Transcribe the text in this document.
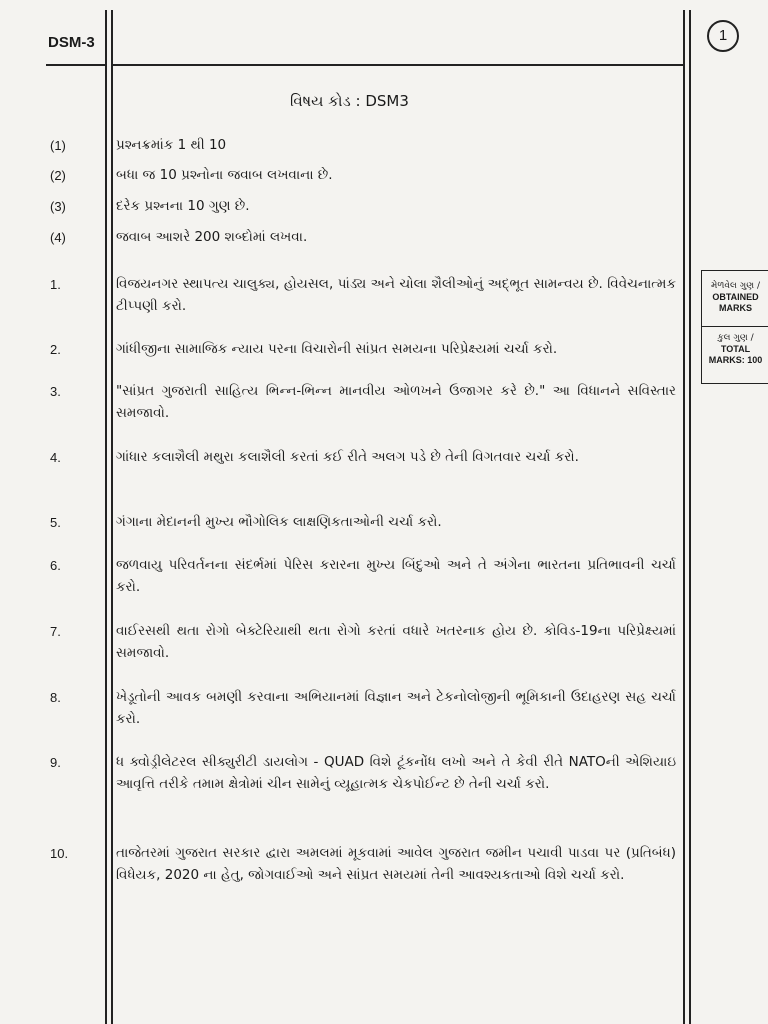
DSM-3	1
વિષય કોડ : DSM3
(1)	પ્રશ્નક્રમાંક 1 થી 10
(2)	બધા જ 10 પ્રશ્નોના જવાબ લખવાના છે.
(3)	દરેક પ્રશ્નના 10 ગુણ છે.
(4)	જવાબ આશરે 200 શબ્દોમાં લખવા.
1.	વિજયનગર સ્થાપત્ય ચાલુક્ય, હોયસલ, પાંડ્ય અને ચોલા શૈલીઓનું અદ્ભૂત સામન્વય છે. વિવેચનાત્મક ટીપ્પણી કરો.
2.	ગાંધીજીના સામાજિક ન્યાય પરના વિચારોની સાંપ્રત સમયના પરિપ્રેક્ષ્યમાં ચર્ચા કરો.
3.	"સાંપ્રત ગુજરાતી સાહિત્ય ભિન્ન-ભિન્ન માનવીય ઓળખને ઉજાગર કરે છે." આ વિધાનને સવિસ્તાર સમજાવો.
4.	ગાંધાર કલાશૈલી મથુરા કલાશૈલી કરતાં કઈ રીતે અલગ પડે છે તેની વિગતવાર ચર્ચા કરો.
5.	ગંગાના મેદાનની મુખ્ય ભૌગોલિક લાક્ષણિકતાઓની ચર્ચા કરો.
6.	જળવાયુ પરિવર્તનના સંદર્ભમાં પેરિસ કરારના મુખ્ય બિંદુઓ અને તે અંગેના ભારતના પ્રતિભાવની ચર્ચા કરો.
7.	વાઈરસથી થતા રોગો બેક્ટેરિયાથી થતા રોગો કરતાં વધારે ખતરનાક હોય છે. કોવિડ-19ના પરિપ્રેક્ષ્યમાં સમજાવો.
8.	ખેડૂતોની આવક બમણી કરવાના અભિયાનમાં વિજ્ઞાન અને ટેકનોલોજીની ભૂમિકાની ઉદાહરણ સહ ચર્ચા કરો.
9.	ધ ક્વોડ્રીલેટરલ સીક્યુરીટી ડાયલોગ - QUAD વિશે ટૂંકનોંધ લખો અને તે કેવી રીતે NATOની એશિયાઇ આવૃત્તિ તરીકે તમામ ક્ષેત્રોમાં ચીન સામેનું વ્યૂહાત્મક ચેકપોઈન્ટ છે તેની ચર્ચા કરો.
10.	તાજેતરમાં ગુજરાત સરકાર દ્વારા અમલમાં મૂકવામાં આવેલ ગુજરાત જમીન પચાવી પાડવા પર (પ્રતિબંધ) વિધેયક, 2020 ના હેતુ, જોગવાઈઓ અને સાંપ્રત સમયમાં તેની આવશ્યકતાઓ વિશે ચર્ચા કરો.
મેળવેલ ગુણ /
OBTAINED MARKS
કુલ ગુણ /
TOTAL MARKS: 100
